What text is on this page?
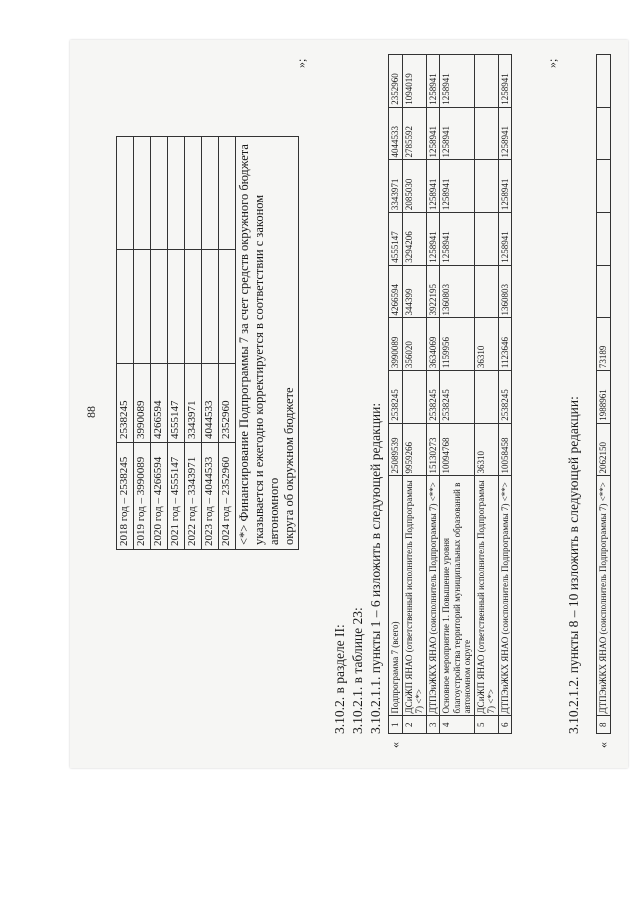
88
2018 год – 2538245	2538245		
2019 год – 3990089	3990089		
2020 год – 4266594	4266594		
2021 год – 4555147	4555147		
2022 год – 3343971	3343971		
2023 год – 4044533	4044533		
2024 год – 2352960	2352960		

<*> Финансирование Подпрограммы 7 за счет средств окружного бюджета указывается и ежегодно корректируется в соответствии с законом автономного округа об окружном бюджете			
»;
3.10.2. в разделе II: 3.10.2.1. в таблице 23: 3.10.2.1.1. пункты 1 – 6 изложить в следующей редакции:
«
1	Подпрограмма 7 (всего)	25089539	2538245	3990089	4266594	4555147	3343971	4044533	2352960
2	ДСиЖП ЯНАО (ответственный исполнитель Подпрограммы 7) <*>	9959266		356020	344399	3294206	2085030	2785592	1094019
3	ДТПЭиЖКХ ЯНАО (соисполнитель Подпрограммы 7) <**>	15130273	2538245	3634069	3922195	1258941	1258941	1258941	1258941
4	Основное мероприятие 1. Повышение уровня благоустройства территорий муниципальных образований в автономном округе	10094768	2538245	1159956	1360803	1258941	1258941	1258941	1258941
5	ДСиЖП ЯНАО (ответственный исполнитель Подпрограммы 7) <*>	36310		36310					
6	ДТПЭиЖКХ ЯНАО (соисполнитель Подпрограммы 7) <**>	10058458	2538245	1123646	1360803	1258941	1258941	1258941	1258941
»;
3.10.2.1.2. пункты 8 – 10 изложить в следующей редакции:
«
8	ДТПЭиЖКХ ЯНАО (соисполнитель Подпрограммы 7) <**>	2062150	1988961	73189					
